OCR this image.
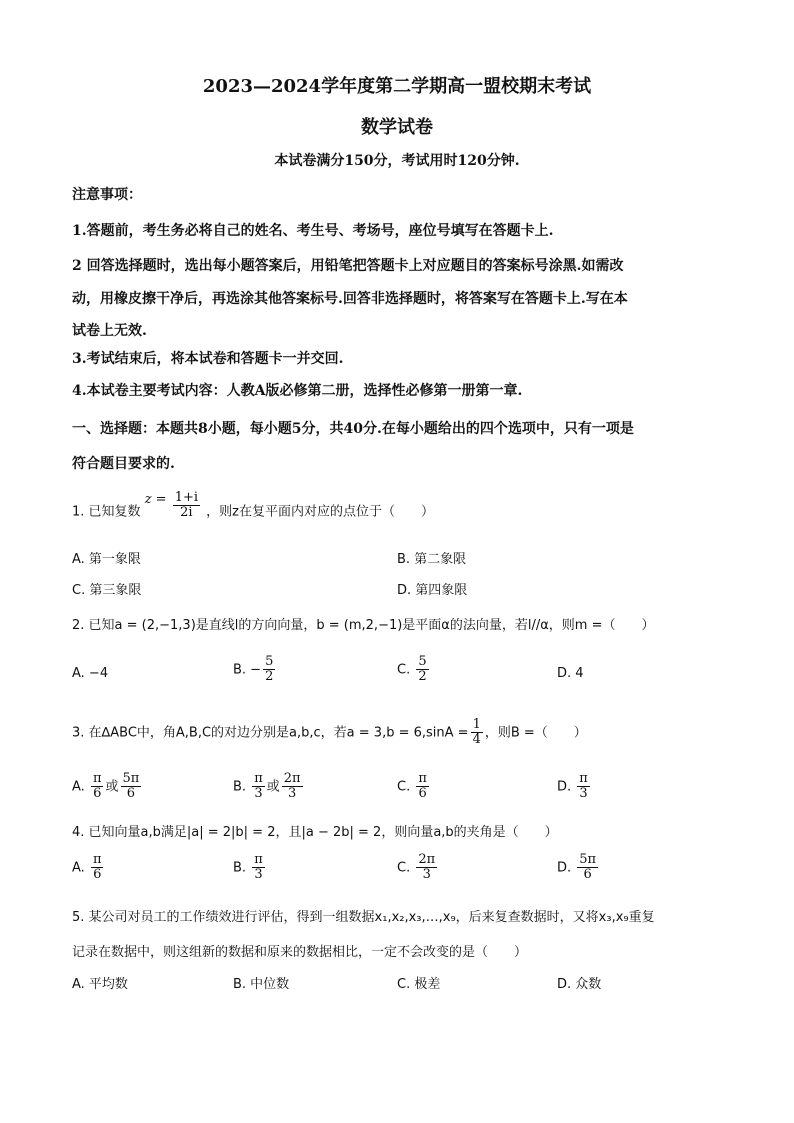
2023—2024学年度第二学期高一盟校期末考试
数学试卷
本试卷满分150分，考试用时120分钟.
注意事项：
1.答题前，考生务必将自己的姓名、考生号、考场号，座位号填写在答题卡上.
2 回答选择题时，选出每小题答案后，用铅笔把答题卡上对应题目的答案标号涂黑.如需改
动，用橡皮擦干净后，再选涂其他答案标号.回答非选择题时，将答案写在答题卡上.写在本
试卷上无效.
3.考试结束后，将本试卷和答题卡一并交回.
4.本试卷主要考试内容：人教A版必修第二册，选择性必修第一册第一章.
一、选择题：本题共8小题，每小题5分，共40分.在每小题给出的四个选项中，只有一项是
符合题目要求的.
1. 已知复数 $z = \frac{1+i}{2i}$ ，则z在复平面内对应的点位于（　　）
A. 第一象限	B. 第二象限
C. 第三象限	D. 第四象限
2. 已知a = (2,−1,3)是直线l的方向向量，b = (m,2,−1)是平面α的法向量，若l//α，则m =（　　）
A. −4	B. − $\frac{5}{2}$	C. $\frac{5}{2}$	D. 4
3. 在∆ABC中，角A,B,C的对边分别是a,b,c，若$a = 3,b = 6,\sin A = \frac{1}{4}$ ，则B =（　　）
A. $\frac{\pi}{6}$ 或 $\frac{5\pi}{6}$	B. $\frac{\pi}{3}$ 或 $\frac{2\pi}{3}$	C. $\frac{\pi}{6}$	D. $\frac{\pi}{3}$
4. 已知向量a,b满足|a| = 2|b| = 2，且|a − 2b| = 2，则向量a,b的夹角是（　　）
A. $\frac{\pi}{6}$	B. $\frac{\pi}{3}$	C. $\frac{2\pi}{3}$	D. $\frac{5\pi}{6}$
5. 某公司对员工的工作绩效进行评估，得到一组数据x₁,x₂,x₃,…,x₉，后来复查数据时，又将x₃,x₉重复
记录在数据中，则这组新的数据和原来的数据相比，一定不会改变的是（　　）
A. 平均数	B. 中位数	C. 极差	D. 众数
